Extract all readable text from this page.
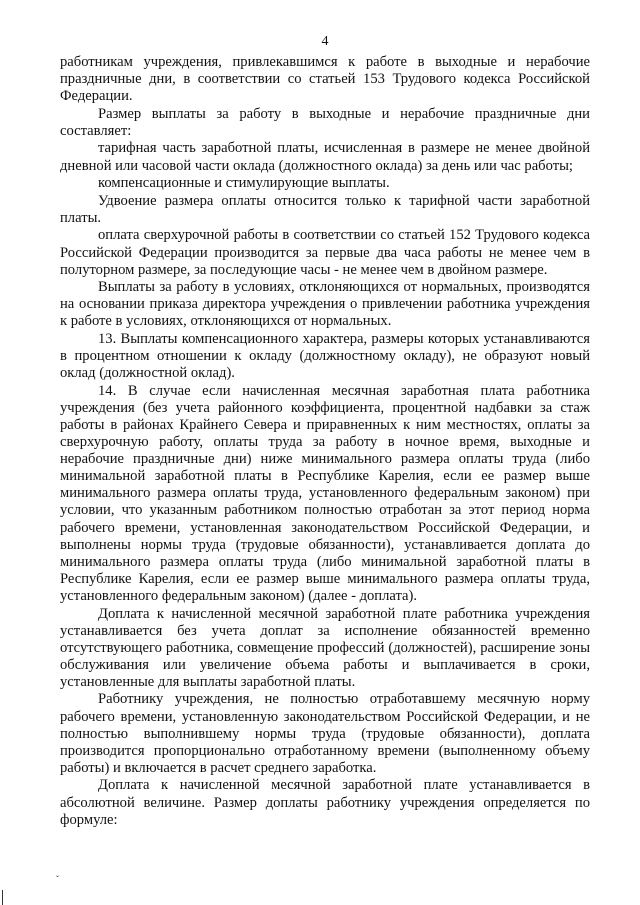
4

работникам учреждения, привлекавшимся к работе в выходные и нерабочие праздничные дни, в соответствии со статьей 153 Трудового кодекса Российской Федерации.

Размер выплаты за работу в выходные и нерабочие праздничные дни составляет:

тарифная часть заработной платы, исчисленная в размере не менее двойной дневной или часовой части оклада (должностного оклада) за день или час работы;

компенсационные и стимулирующие выплаты.

Удвоение размера оплаты относится только к тарифной части заработной платы.

оплата сверхурочной работы в соответствии со статьей 152 Трудового кодекса Российской Федерации производится за первые два часа работы не менее чем в полуторном размере, за последующие часы - не менее чем в двойном размере.

Выплаты за работу в условиях, отклоняющихся от нормальных, производятся на основании приказа директора учреждения о привлечении работника учреждения к работе в условиях, отклоняющихся от нормальных.

13. Выплаты компенсационного характера, размеры которых устанавливаются в процентном отношении к окладу (должностному окладу), не образуют новый оклад (должностной оклад).

14. В случае если начисленная месячная заработная плата работника учреждения (без учета районного коэффициента, процентной надбавки за стаж работы в районах Крайнего Севера и приравненных к ним местностях, оплаты за сверхурочную работу, оплаты труда за работу в ночное время, выходные и нерабочие праздничные дни) ниже минимального размера оплаты труда (либо минимальной заработной платы в Республике Карелия, если ее размер выше минимального размера оплаты труда, установленного федеральным законом) при условии, что указанным работником полностью отработан за этот период норма рабочего времени, установленная законодательством Российской Федерации, и выполнены нормы труда (трудовые обязанности), устанавливается доплата до минимального размера оплаты труда (либо минимальной заработной платы в Республике Карелия, если ее размер выше минимального размера оплаты труда, установленного федеральным законом) (далее - доплата).

Доплата к начисленной месячной заработной плате работника учреждения устанавливается без учета доплат за исполнение обязанностей временно отсутствующего работника, совмещение профессий (должностей), расширение зоны обслуживания или увеличение объема работы и выплачивается в сроки, установленные для выплаты заработной платы.

Работнику учреждения, не полностью отработавшему месячную норму рабочего времени, установленную законодательством Российской Федерации, и не полностью выполнившему нормы труда (трудовые обязанности), доплата производится пропорционально отработанному времени (выполненному объему работы) и включается в расчет среднего заработка.

Доплата к начисленной месячной заработной плате устанавливается в абсолютной величине. Размер доплаты работнику учреждения определяется по формуле:

ˇ
